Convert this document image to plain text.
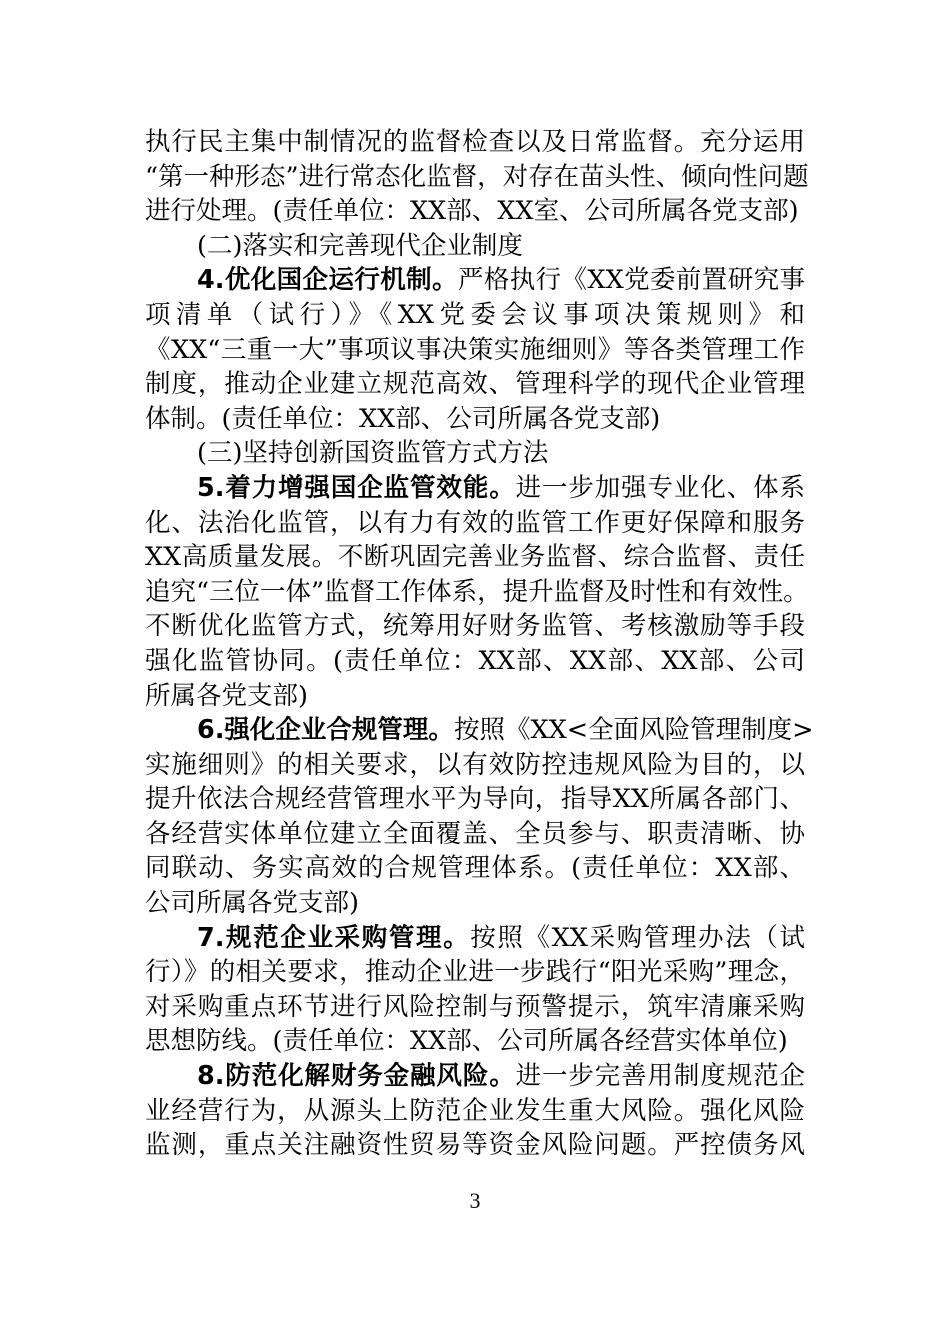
执行民主集中制情况的监督检查以及日常监督。充分运用
“第一种形态”进行常态化监督，对存在苗头性、倾向性问题
进行处理。(责任单位：XX部、XX室、公司所属各党支部)
(二)落实和完善现代企业制度
4.优化国企运行机制。严格执行《XX党委前置研究事
项清单（试行）》《XX党委会议事项决策规则》和
《XX“三重一大”事项议事决策实施细则》等各类管理工作
制度，推动企业建立规范高效、管理科学的现代企业管理
体制。(责任单位：XX部、公司所属各党支部)
(三)坚持创新国资监管方式方法
5.着力增强国企监管效能。进一步加强专业化、体系
化、法治化监管，以有力有效的监管工作更好保障和服务
XX高质量发展。不断巩固完善业务监督、综合监督、责任
追究“三位一体”监督工作体系，提升监督及时性和有效性。
不断优化监管方式，统筹用好财务监管、考核激励等手段
强化监管协同。(责任单位：XX部、XX部、XX部、公司
所属各党支部)
6.强化企业合规管理。按照《XX<全面风险管理制度>
实施细则》的相关要求，以有效防控违规风险为目的，以
提升依法合规经营管理水平为导向，指导XX所属各部门、
各经营实体单位建立全面覆盖、全员参与、职责清晰、协
同联动、务实高效的合规管理体系。(责任单位：XX部、
公司所属各党支部)
7.规范企业采购管理。按照《XX采购管理办法（试
行）》的相关要求，推动企业进一步践行“阳光采购”理念，
对采购重点环节进行风险控制与预警提示，筑牢清廉采购
思想防线。(责任单位：XX部、公司所属各经营实体单位)
8.防范化解财务金融风险。进一步完善用制度规范企
业经营行为，从源头上防范企业发生重大风险。强化风险
监测，重点关注融资性贸易等资金风险问题。严控债务风
3
